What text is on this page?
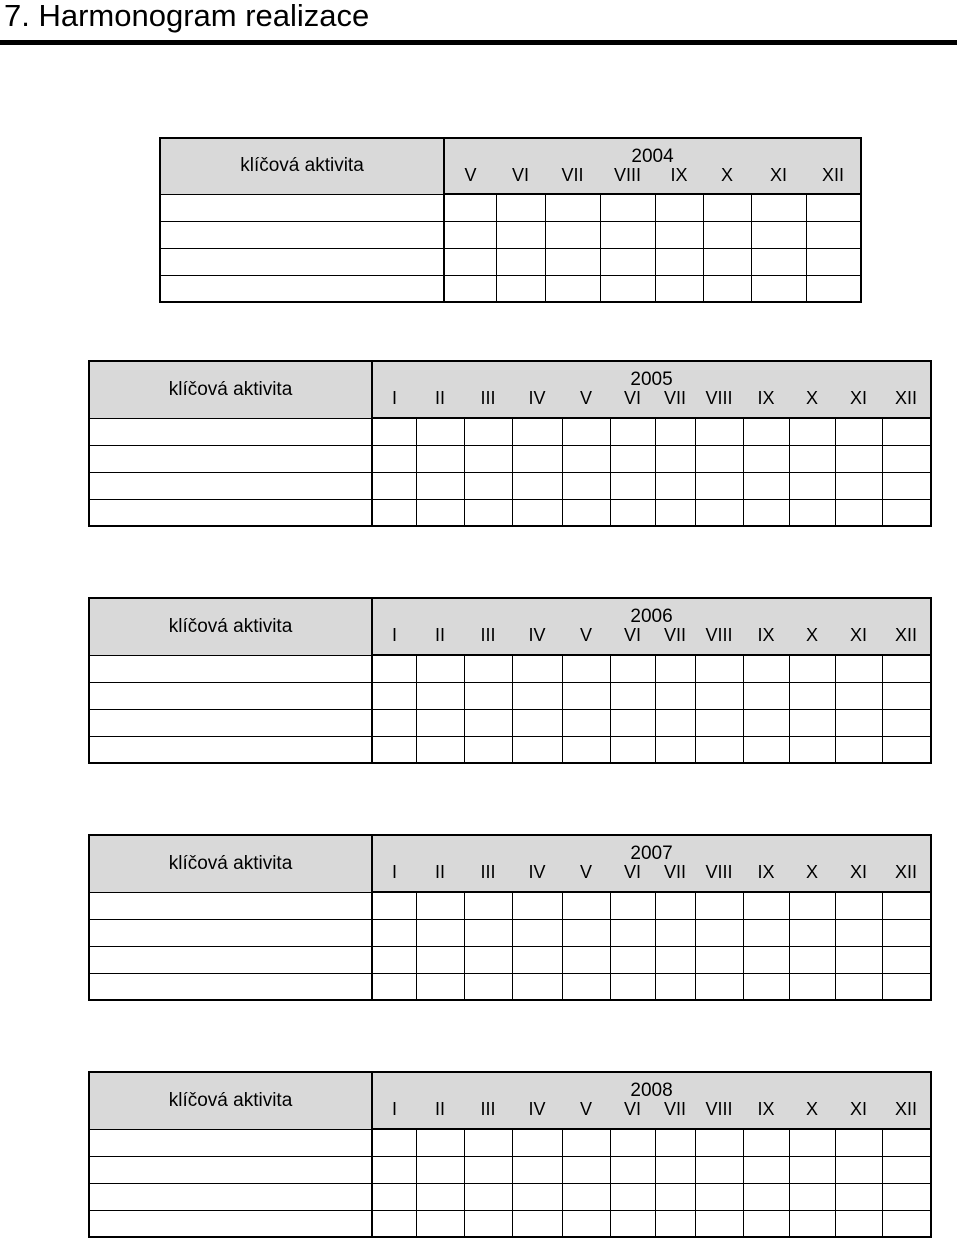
7. Harmonogram realizace
klíčová aktivita	2004							
	V	VI	VII	VIII	IX	X	XI	XII

klíčová aktivita	2005											
	I	II	III	IV	V	VI	VII	VIII	IX	X	XI	XII

klíčová aktivita	2006											
	I	II	III	IV	V	VI	VII	VIII	IX	X	XI	XII

klíčová aktivita	2007											
	I	II	III	IV	V	VI	VII	VIII	IX	X	XI	XII

klíčová aktivita	2008											
	I	II	III	IV	V	VI	VII	VIII	IX	X	XI	XII
